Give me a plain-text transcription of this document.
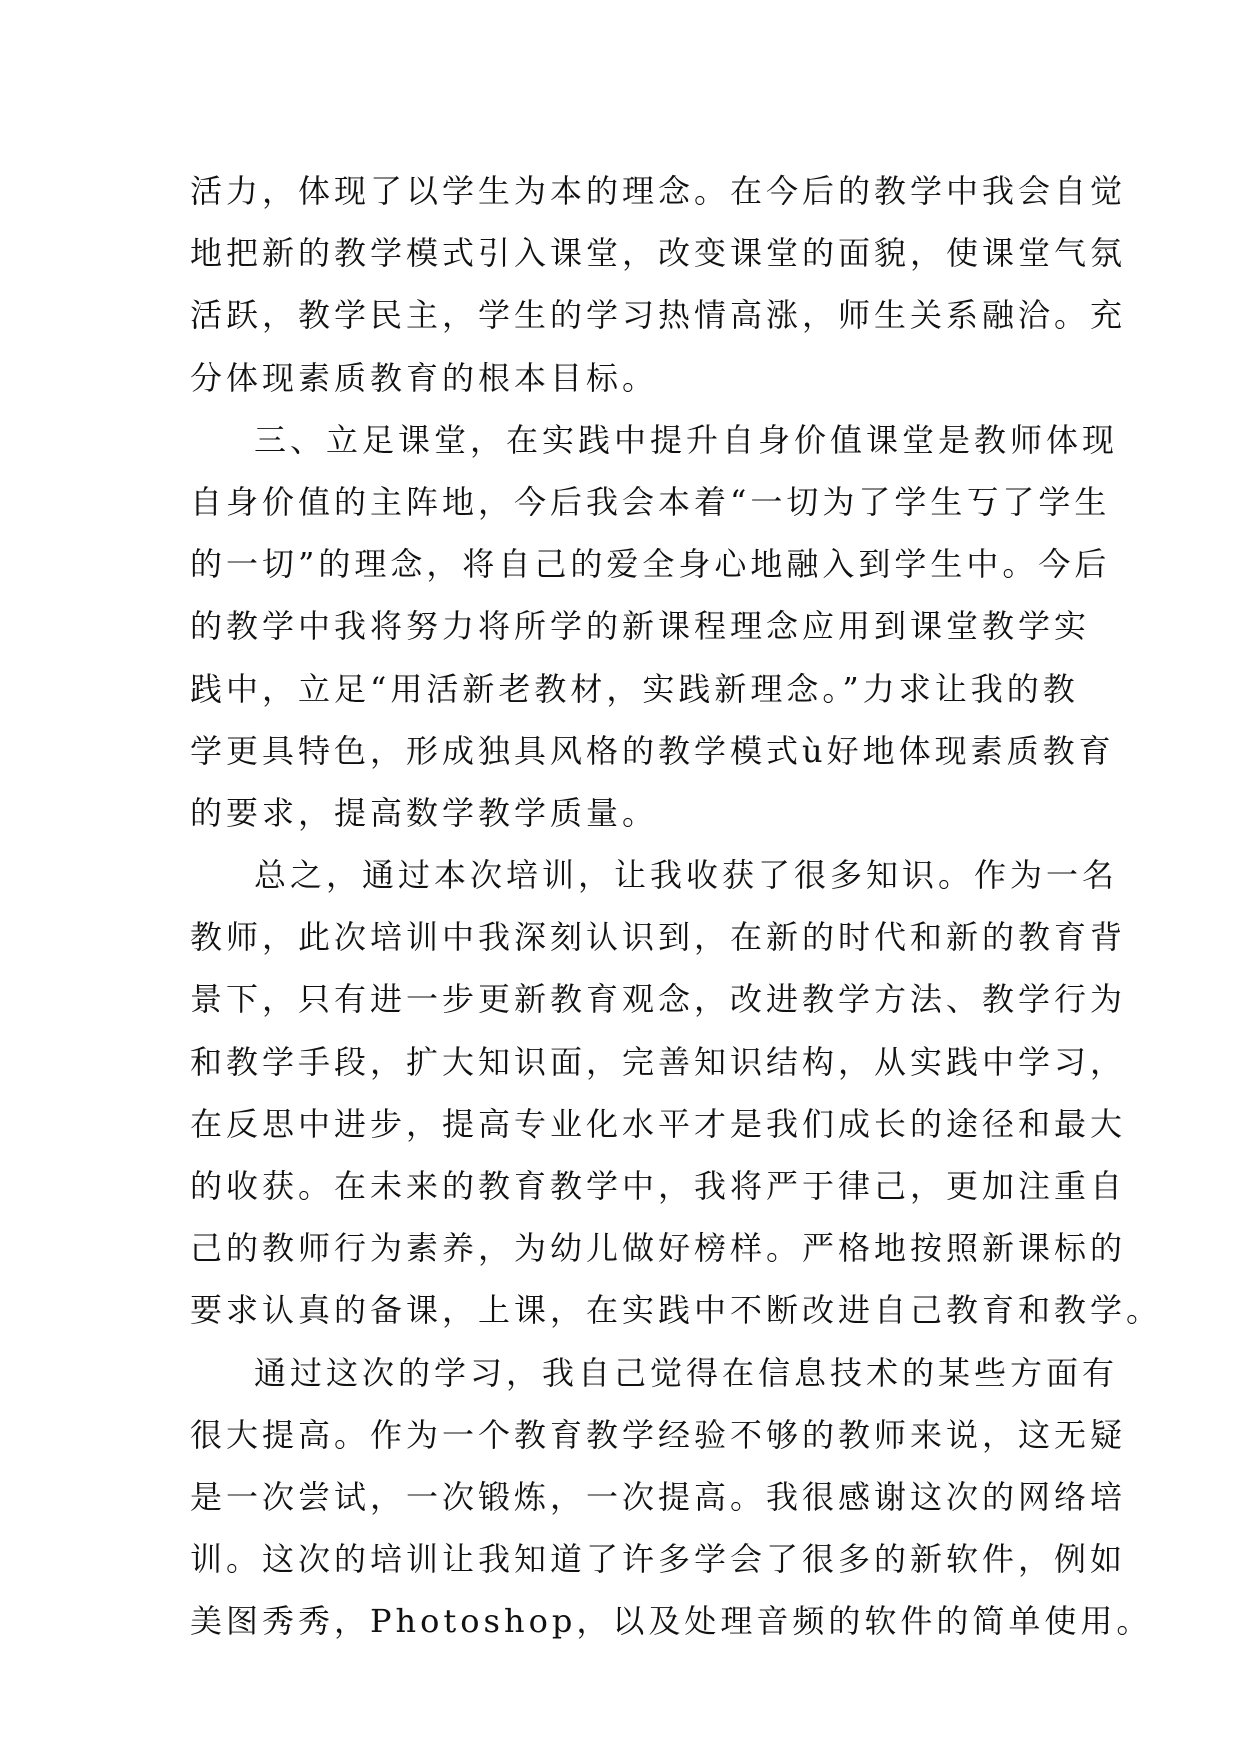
活力，体现了以学生为本的理念。在今后的教学中我会自觉
地把新的教学模式引入课堂，改变课堂的面貌，使课堂气氛
活跃，教学民主，学生的学习热情高涨，师生关系融洽。充
分体现素质教育的根本目标。
三、立足课堂，在实践中提升自身价值课堂是教师体现
自身价值的主阵地，今后我会本着“一切为了学生丂了学生
的一切”的理念，将自己的爱全身心地融入到学生中。今后
的教学中我将努力将所学的新课程理念应用到课堂教学实
践中，立足“用活新老教材，实践新理念。”力求让我的教
学更具特色，形成独具风格的教学模式ù好地体现素质教育
的要求，提高数学教学质量。
总之，通过本次培训，让我收获了很多知识。作为一名
教师，此次培训中我深刻认识到，在新的时代和新的教育背
景下，只有进一步更新教育观念，改进教学方法、教学行为
和教学手段，扩大知识面，完善知识结构，从实践中学习，
在反思中进步，提高专业化水平才是我们成长的途径和最大
的收获。在未来的教育教学中，我将严于律己，更加注重自
己的教师行为素养，为幼儿做好榜样。严格地按照新课标的
要求认真的备课，上课，在实践中不断改进自己教育和教学。
通过这次的学习，我自己觉得在信息技术的某些方面有
很大提高。作为一个教育教学经验不够的教师来说，这无疑
是一次尝试，一次锻炼，一次提高。我很感谢这次的网络培
训。这次的培训让我知道了许多学会了很多的新软件，例如
美图秀秀，Photoshop，以及处理音频的软件的简单使用。
